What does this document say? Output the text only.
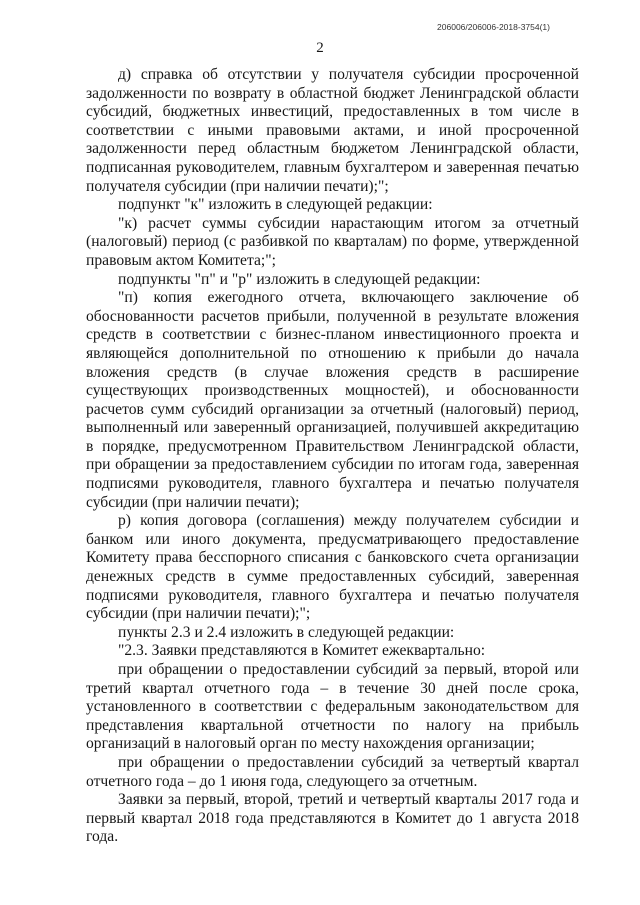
206006/206006-2018-3754(1)
2

д) справка об отсутствии у получателя субсидии просроченной задолженности по возврату в областной бюджет Ленинградской области субсидий, бюджетных инвестиций, предоставленных в том числе в соответствии с иными правовыми актами, и иной просроченной задолженности перед областным бюджетом Ленинградской области, подписанная руководителем, главным бухгалтером и заверенная печатью получателя субсидии (при наличии печати);";

подпункт "к" изложить в следующей редакции:

"к) расчет суммы субсидии нарастающим итогом за отчетный (налоговый) период (с разбивкой по кварталам) по форме, утвержденной правовым актом Комитета;";

подпункты "п" и "р" изложить в следующей редакции:

"п) копия ежегодного отчета, включающего заключение об обоснованности расчетов прибыли, полученной в результате вложения средств в соответствии с бизнес-планом инвестиционного проекта и являющейся дополнительной по отношению к прибыли до начала вложения средств (в случае вложения средств в расширение существующих производственных мощностей), и обоснованности расчетов сумм субсидий организации за отчетный (налоговый) период, выполненный или заверенный организацией, получившей аккредитацию в порядке, предусмотренном Правительством Ленинградской области, при обращении за предоставлением субсидии по итогам года, заверенная подписями руководителя, главного бухгалтера и печатью получателя субсидии (при наличии печати);

р) копия договора (соглашения) между получателем субсидии и банком или иного документа, предусматривающего предоставление Комитету права бесспорного списания с банковского счета организации денежных средств в сумме предоставленных субсидий, заверенная подписями руководителя, главного бухгалтера и печатью получателя субсидии (при наличии печати);";

пункты 2.3 и 2.4 изложить в следующей редакции:

"2.3. Заявки представляются в Комитет ежеквартально:

при обращении о предоставлении субсидий за первый, второй или третий квартал отчетного года – в течение 30 дней после срока, установленного в соответствии с федеральным законодательством для представления квартальной отчетности по налогу на прибыль организаций в налоговый орган по месту нахождения организации;

при обращении о предоставлении субсидий за четвертый квартал отчетного года – до 1 июня года, следующего за отчетным.

Заявки за первый, второй, третий и четвертый кварталы 2017 года и первый квартал 2018 года представляются в Комитет до 1 августа 2018 года.
